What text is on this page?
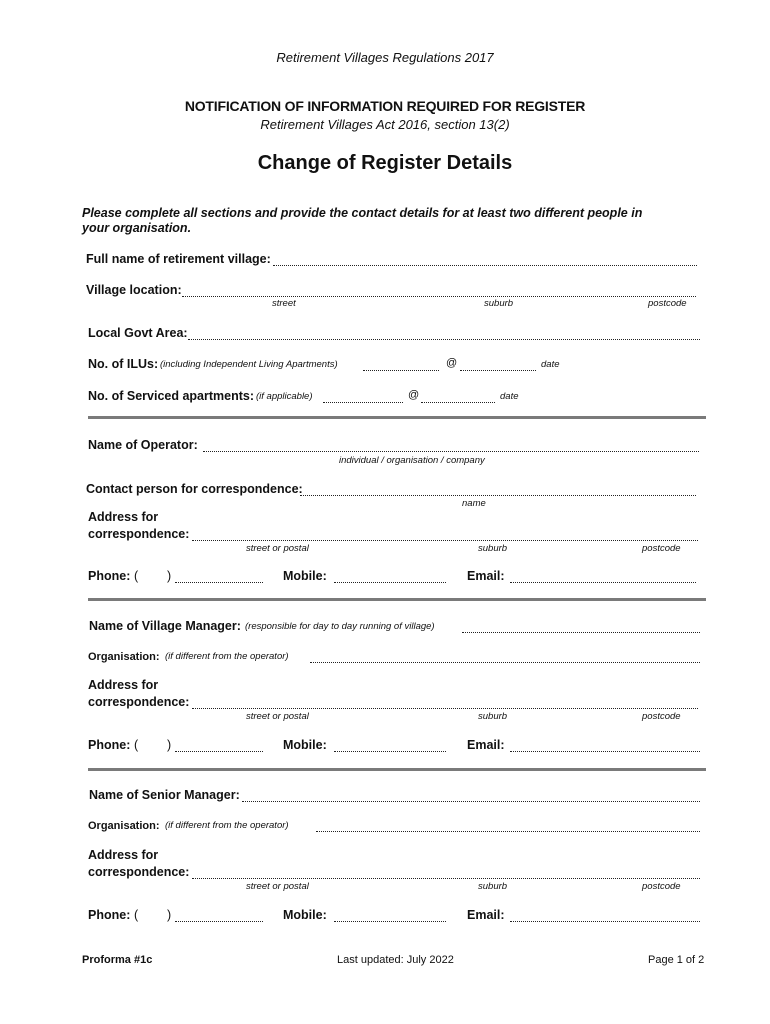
Retirement Villages Regulations 2017
NOTIFICATION OF INFORMATION REQUIRED FOR REGISTER
Retirement Villages Act 2016, section 13(2)
Change of Register Details
Please complete all sections and provide the contact details for at least two different people in
your organisation.
Full name of retirement village:
Village location:
street	suburb	postcode
Local Govt Area:
No. of ILUs: (including Independent Living Apartments)	@	date
No. of Serviced apartments: (if applicable)	@	date
Name of Operator:
individual / organisation / company
Contact person for correspondence:
name
Address for
correspondence:
street or postal	suburb	postcode
Phone: ( )	Mobile:	Email:
Name of Village Manager: (responsible for day to day running of village)
Organisation: (if different from the operator)
Address for
correspondence:
street or postal	suburb	postcode
Phone: ( )	Mobile:	Email:
Name of Senior Manager:
Organisation: (if different from the operator)
Address for
correspondence:
street or postal	suburb	postcode
Phone: ( )	Mobile:	Email:
Proforma #1c	Last updated: July 2022	Page 1 of 2
